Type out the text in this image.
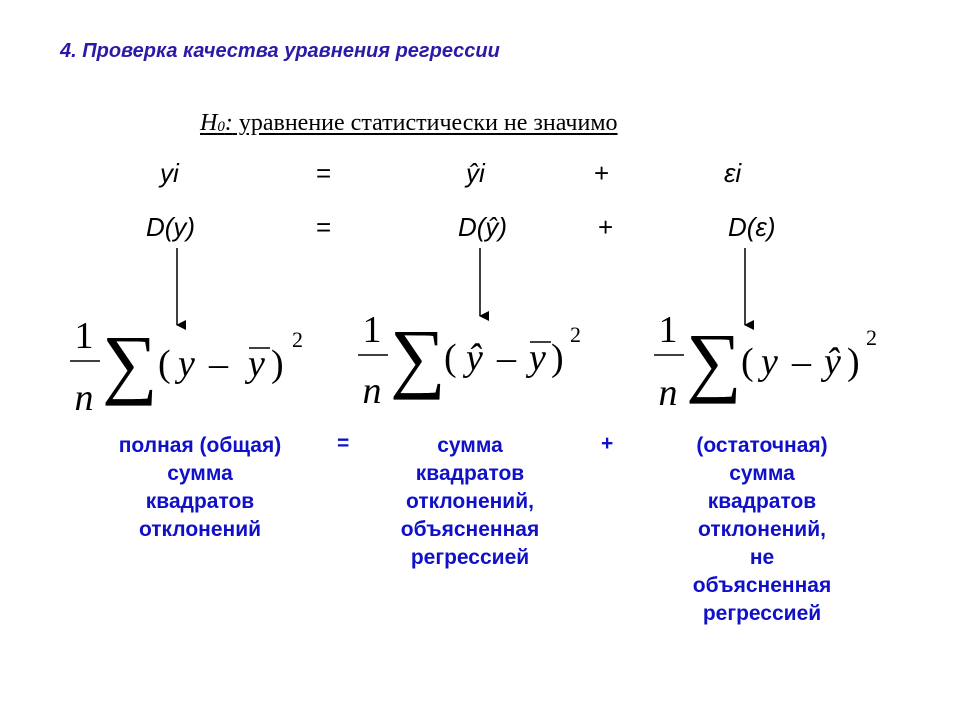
4. Проверка качества уравнения регрессии
$H_0$: уравнение статистически не значимо
yi	=	ŷi	+	εi
D(y)	=	D(ŷ)	+	D(ε)
1
n ∑ ( y – y )
2 1
n ∑
( ŷ – y )
2 1
n ∑ ( y – ŷ )
2
полная (общая)
сумма
квадратов
отклонений
=	сумма
квадратов
отклонений,
объясненная
регрессией
+	(остаточная)
сумма
квадратов
отклонений,
не
объясненная
регрессией
